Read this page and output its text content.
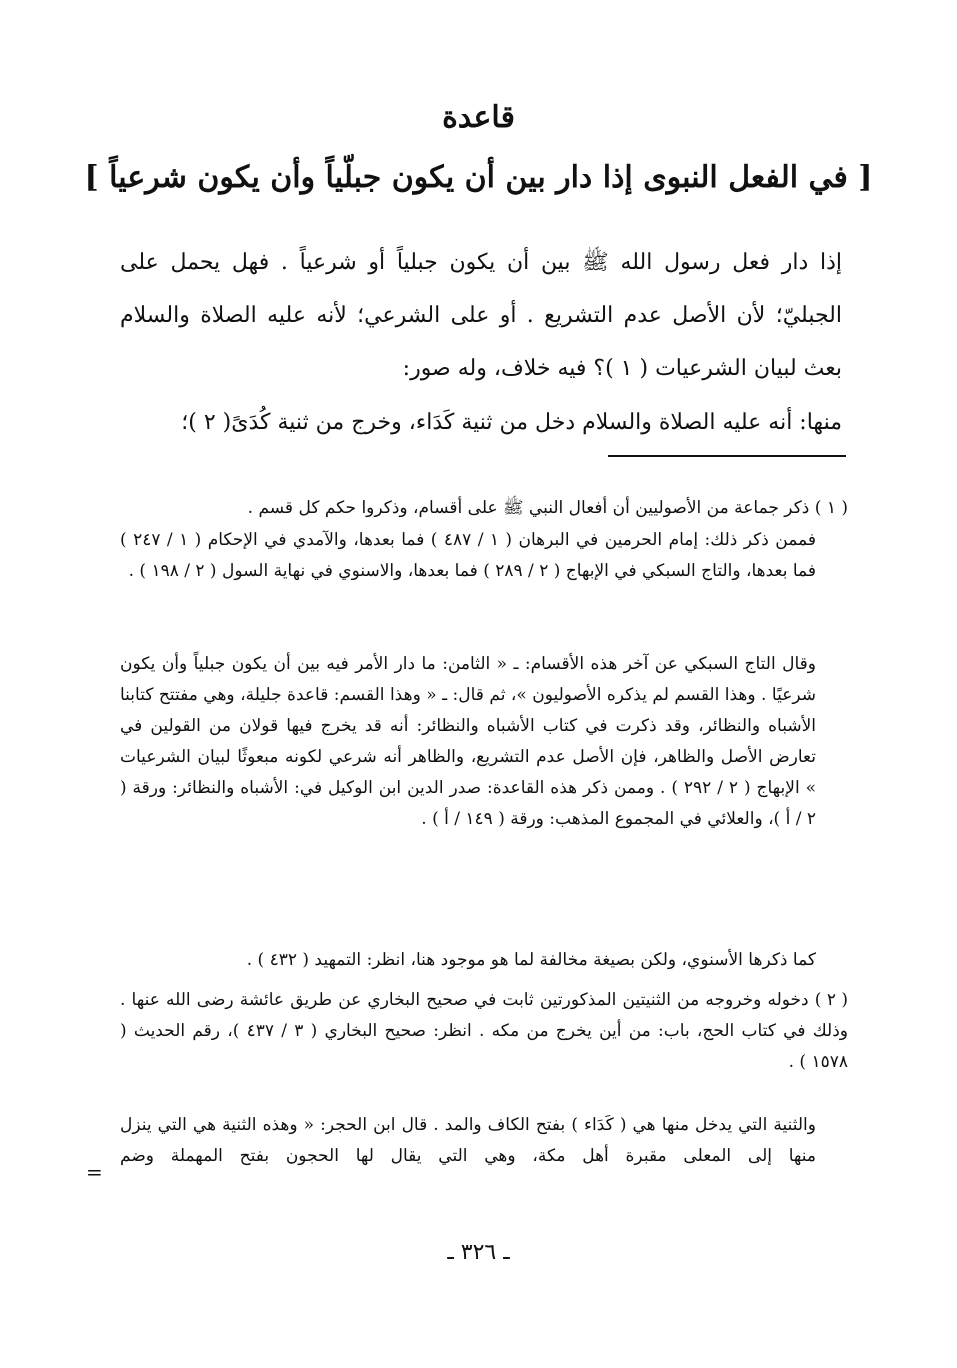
قاعدة
[ في الفعل النبوى إذا دار بين أن يكون جبلّياً وأن يكون شرعياً ]

إذا دار فعل رسول الله ﷺ بين أن يكون جبلياً أو شرعياً . فهل يحمل على الجبليّ؛ لأن الأصل عدم التشريع . أو على الشرعي؛ لأنه عليه الصلاة والسلام بعث لبيان الشرعيات ( ١ )؟ فيه خلاف، وله صور:

منها: أنه عليه الصلاة والسلام دخل من ثنية كَدَاء، وخرج من ثنية كُدَىً( ٢ )؛

( ١ ) ذكر جماعة من الأصوليين أن أفعال النبي ﷺ على أقسام، وذكروا حكم كل قسم .

فممن ذكر ذلك: إمام الحرمين في البرهان ( ١ / ٤٨٧ ) فما بعدها، والآمدي في الإحكام ( ١ / ٢٤٧ ) فما بعدها، والتاج السبكي في الإبهاج ( ٢ / ٢٨٩ ) فما بعدها، والاسنوي في نهاية السول ( ٢ / ١٩٨ ) .

وقال التاج السبكي عن آخر هذه الأقسام: ـ « الثامن: ما دار الأمر فيه بين أن يكون جبلياً وأن يكون شرعيًا . وهذا القسم لم يذكره الأصوليون »، ثم قال: ـ « وهذا القسم: قاعدة جليلة، وهي مفتتح كتابنا الأشباه والنظائر، وقد ذكرت في كتاب الأشباه والنظائر: أنه قد يخرج فيها قولان من القولين في تعارض الأصل والظاهر، فإن الأصل عدم التشريع، والظاهر أنه شرعي لكونه مبعوثًا لبيان الشرعيات » الإبهاج ( ٢ / ٢٩٢ ) . وممن ذكر هذه القاعدة: صدر الدين ابن الوكيل في: الأشباه والنظائر: ورقة ( ٢ / أ )، والعلائي في المجموع المذهب: ورقة ( ١٤٩ / أ ) .

كما ذكرها الأسنوي، ولكن بصيغة مخالفة لما هو موجود هنا، انظر: التمهيد ( ٤٣٢ ) .

( ٢ ) دخوله وخروجه من الثنيتين المذكورتين ثابت في صحيح البخاري عن طريق عائشة رضى الله عنها . وذلك في كتاب الحج، باب: من أين يخرج من مكه . انظر: صحيح البخاري ( ٣ / ٤٣٧ )، رقم الحديث ( ١٥٧٨ ) .

والثنية التي يدخل منها هي ( كَدَاء ) بفتح الكاف والمد . قال ابن الحجر: « وهذه الثنية هي التي ينزل منها إلى المعلى مقبرة أهل مكة، وهي التي يقال لها الحجون بفتح المهملة وضم

=
ـ ٣٢٦ ـ
